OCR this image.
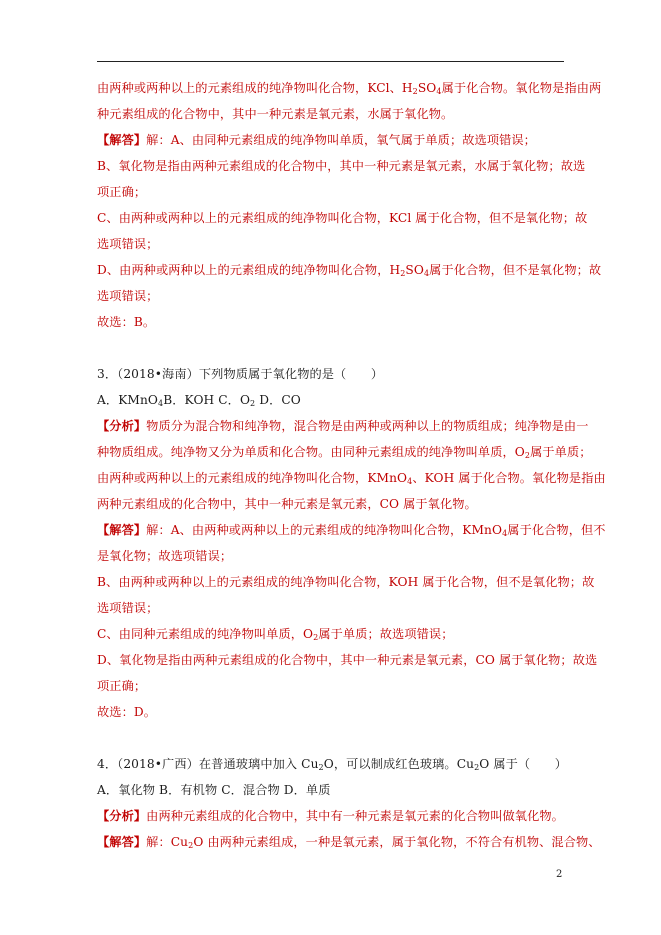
由两种或两种以上的元素组成的纯净物叫化合物，KCl、$H_2SO_4$属于化合物。氧化物是指由两
种元素组成的化合物中，其中一种元素是氧元素，水属于氧化物。
【解答】解：A、由同种元素组成的纯净物叫单质，氧气属于单质；故选项错误；
B、氧化物是指由两种元素组成的化合物中，其中一种元素是氧元素，水属于氧化物；故选
项正确；
C、由两种或两种以上的元素组成的纯净物叫化合物，KCl 属于化合物，但不是氧化物；故
选项错误；
D、由两种或两种以上的元素组成的纯净物叫化合物，$H_2SO_4$属于化合物，但不是氧化物；故
选项错误；
故选：B。
3．（2018•海南）下列物质属于氧化物的是（　　）
A．KMnO$_4$B．KOH C．$O_2$ D．CO
【分析】物质分为混合物和纯净物，混合物是由两种或两种以上的物质组成；纯净物是由一
种物质组成。纯净物又分为单质和化合物。由同种元素组成的纯净物叫单质，$O_2$属于单质；
由两种或两种以上的元素组成的纯净物叫化合物，KMnO$_4$、KOH 属于化合物。氧化物是指由
两种元素组成的化合物中，其中一种元素是氧元素，CO 属于氧化物。
【解答】解：A、由两种或两种以上的元素组成的纯净物叫化合物，KMnO$_4$属于化合物，但不
是氧化物；故选项错误；
B、由两种或两种以上的元素组成的纯净物叫化合物，KOH 属于化合物，但不是氧化物；故
选项错误；
C、由同种元素组成的纯净物叫单质，$O_2$属于单质；故选项错误；
D、氧化物是指由两种元素组成的化合物中，其中一种元素是氧元素，CO 属于氧化物；故选
项正确；
故选：D。
4．（2018•广西）在普通玻璃中加入 $Cu_2O$，可以制成红色玻璃。$Cu_2O$ 属于（　　）
A．氧化物 B．有机物 C．混合物 D．单质
【分析】由两种元素组成的化合物中，其中有一种元素是氧元素的化合物叫做氧化物。
【解答】解：$Cu_2O$ 由两种元素组成，一种是氧元素，属于氧化物，不符合有机物、混合物、
2
